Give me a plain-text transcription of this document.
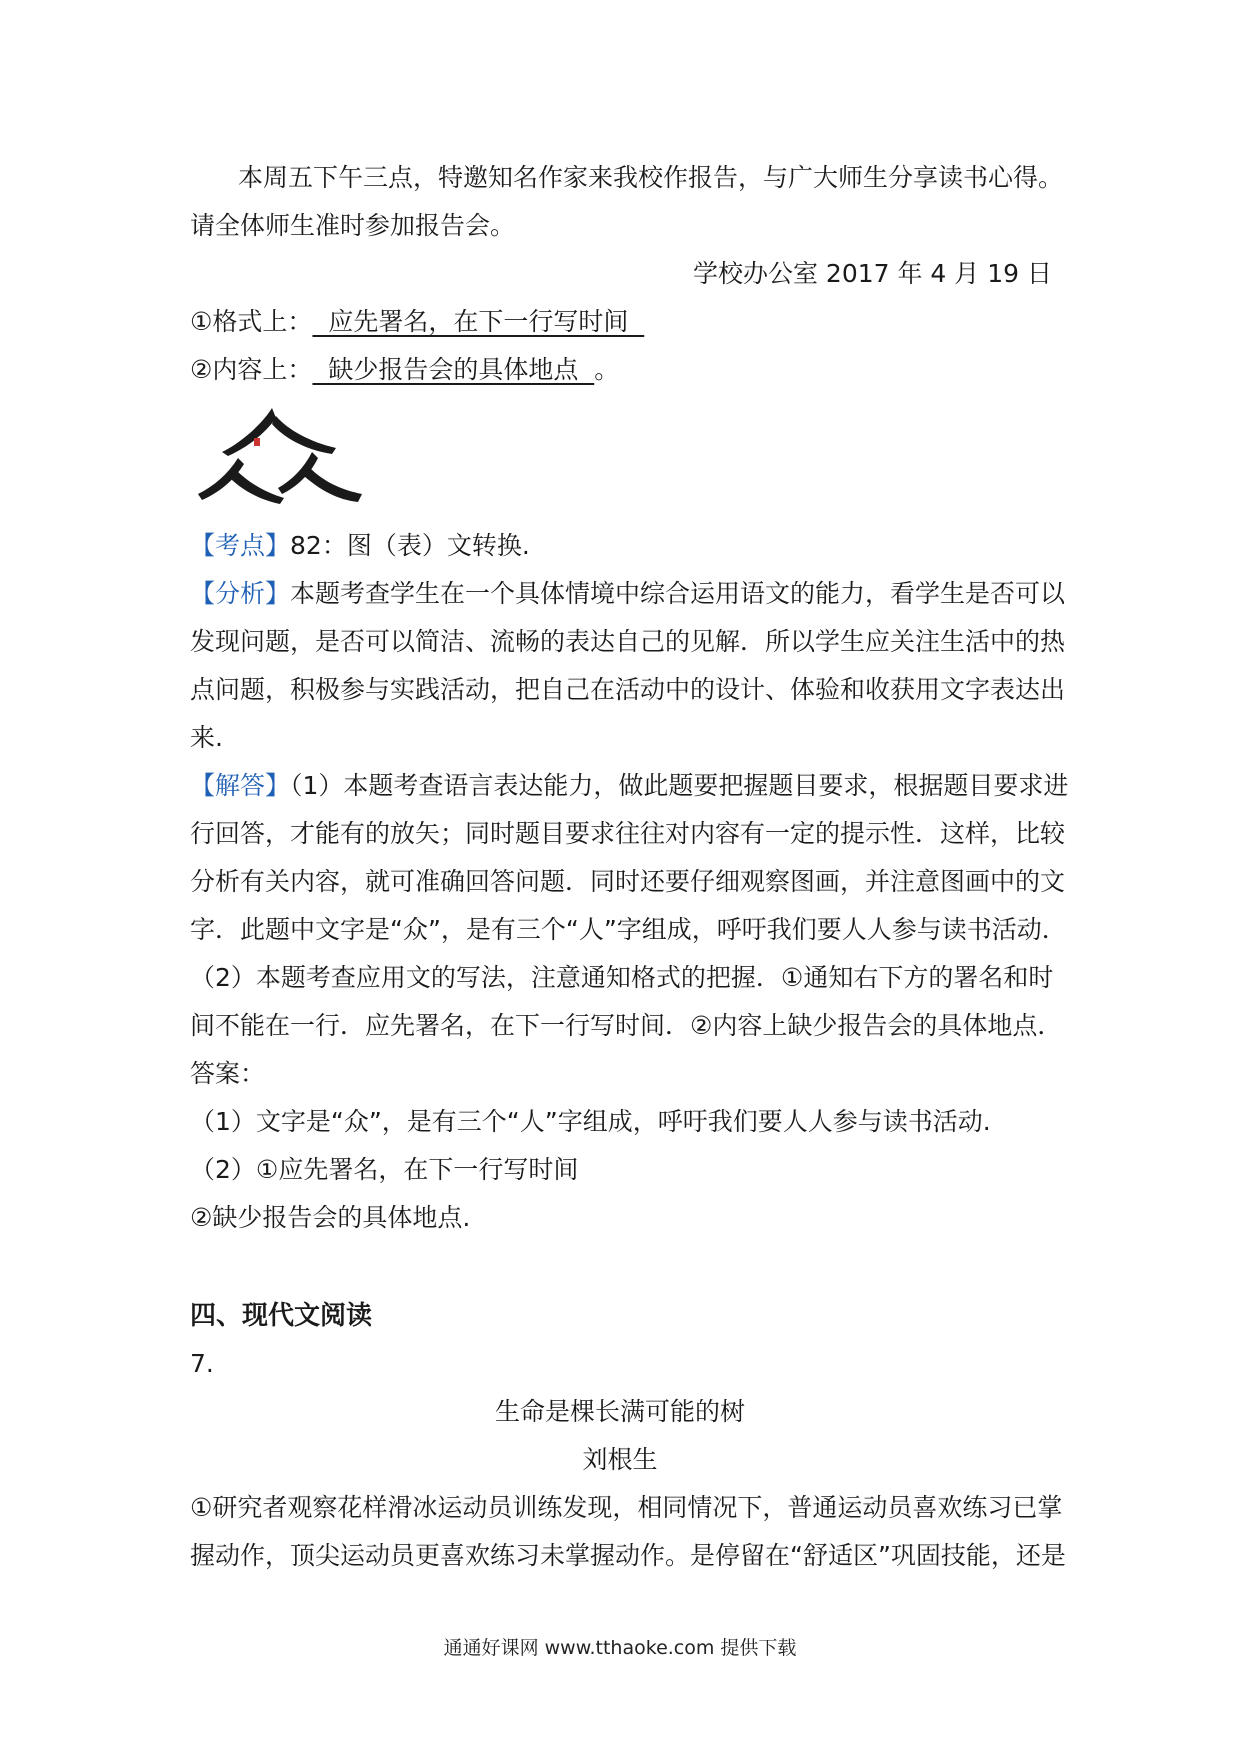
本周五下午三点，特邀知名作家来我校作报告，与广大师生分享读书心得。
请全体师生准时参加报告会。
学校办公室 2017 年 4 月 19 日
①格式上：  应先署名，在下一行写时间
②内容上：  缺少报告会的具体地点  。
【考点】82：图（表）文转换.
【分析】本题考查学生在一个具体情境中综合运用语文的能力，看学生是否可以
发现问题，是否可以简洁、流畅的表达自己的见解．所以学生应关注生活中的热
点问题，积极参与实践活动，把自己在活动中的设计、体验和收获用文字表达出
来.
【解答】（1）本题考查语言表达能力，做此题要把握题目要求，根据题目要求进
行回答，才能有的放矢；同时题目要求往往对内容有一定的提示性．这样，比较
分析有关内容，就可准确回答问题．同时还要仔细观察图画，并注意图画中的文
字．此题中文字是“众”，是有三个“人”字组成，呼吁我们要人人参与读书活动．
（2）本题考查应用文的写法，注意通知格式的把握．①通知右下方的署名和时
间不能在一行．应先署名，在下一行写时间．②内容上缺少报告会的具体地点．
答案：
（1）文字是“众”，是有三个“人”字组成，呼吁我们要人人参与读书活动.
（2）①应先署名，在下一行写时间
②缺少报告会的具体地点.
四、现代文阅读
7.
生命是棵长满可能的树
刘根生
①研究者观察花样滑冰运动员训练发现，相同情况下，普通运动员喜欢练习已掌
握动作，顶尖运动员更喜欢练习未掌握动作。是停留在“舒适区”巩固技能，还是
通通好课网 www.tthaoke.com 提供下载
